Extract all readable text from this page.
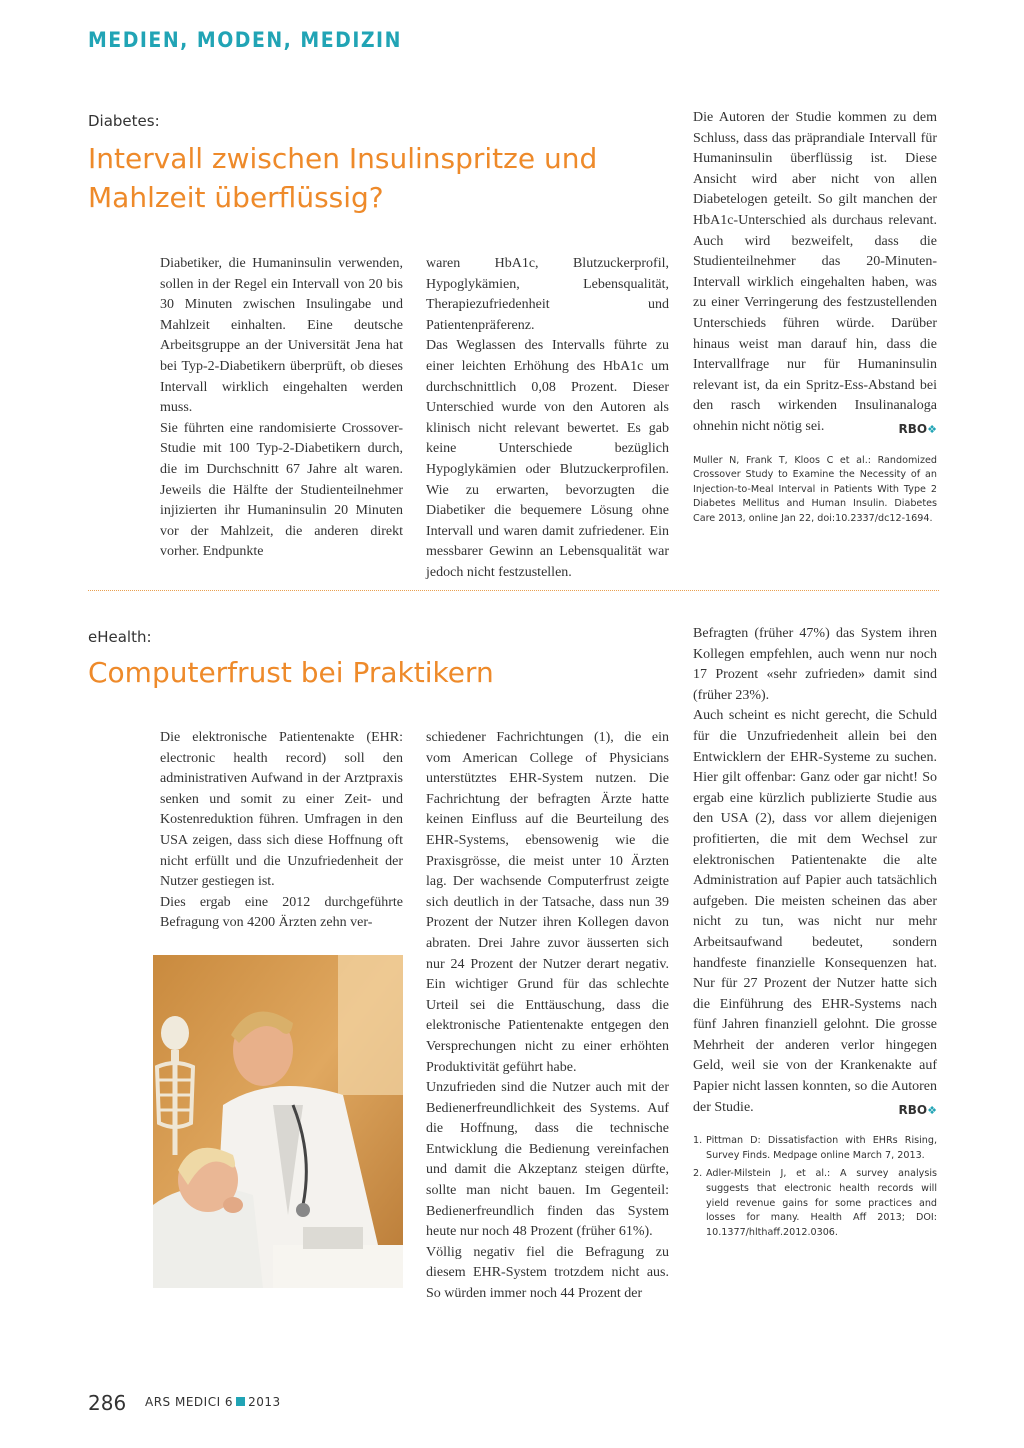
MEDIEN, MODEN, MEDIZIN
Diabetes:
Intervall zwischen Insulinspritze und
Mahlzeit überflüssig?

Diabetiker, die Humaninsulin verwenden, sollen in der Regel ein Intervall von 20 bis 30 Minuten zwischen Insulingabe und Mahlzeit einhalten. Eine deutsche Arbeitsgruppe an der Universität Jena hat bei Typ-2-Diabetikern überprüft, ob dieses Intervall wirklich eingehalten werden muss.

Sie führten eine randomisierte Crossover-Studie mit 100 Typ-2-Diabetikern durch, die im Durchschnitt 67 Jahre alt waren. Jeweils die Hälfte der Studienteilnehmer injizierten ihr Humaninsulin 20 Minuten vor der Mahlzeit, die anderen direkt vorher. Endpunkte

waren HbA1c, Blutzuckerprofil, Hypoglykämien, Lebensqualität, Therapiezufriedenheit und Patientenpräferenz.

Das Weglassen des Intervalls führte zu einer leichten Erhöhung des HbA1c um durchschnittlich 0,08 Prozent. Dieser Unterschied wurde von den Autoren als klinisch nicht relevant bewertet. Es gab keine Unterschiede bezüglich Hypoglykämien oder Blutzuckerprofilen. Wie zu erwarten, bevorzugten die Diabetiker die bequemere Lösung ohne Intervall und waren damit zufriedener. Ein messbarer Gewinn an Lebensqualität war jedoch nicht festzustellen.

Die Autoren der Studie kommen zu dem Schluss, dass das präprandiale Intervall für Humaninsulin überflüssig ist. Diese Ansicht wird aber nicht von allen Diabetelogen geteilt. So gilt manchen der HbA1c-Unterschied als durchaus relevant. Auch wird bezweifelt, dass die Studienteilnehmer das 20-Minuten-Intervall wirklich eingehalten haben, was zu einer Verringerung des festzustellenden Unterschieds führen würde. Darüber hinaus weist man darauf hin, dass die Intervallfrage nur für Humaninsulin relevant ist, da ein Spritz-Ess-Abstand bei den rasch wirkenden Insulinanaloga ohnehin nicht nötig sei.	RBO❖

Muller N, Frank T, Kloos C et al.: Randomized Crossover Study to Examine the Necessity of an Injection-to-Meal Interval in Patients With Type 2 Diabetes Mellitus and Human Insulin. Diabetes Care 2013, online Jan 22, doi:10.2337/dc12-1694.
eHealth:
Computerfrust bei Praktikern

Die elektronische Patientenakte (EHR: electronic health record) soll den administrativen Aufwand in der Arztpraxis senken und somit zu einer Zeit- und Kostenreduktion führen. Umfragen in den USA zeigen, dass sich diese Hoffnung oft nicht erfüllt und die Unzufriedenheit der Nutzer gestiegen ist.

Dies ergab eine 2012 durchgeführte Befragung von 4200 Ärzten zehn ver-

schiedener Fachrichtungen (1), die ein vom American College of Physicians unterstütztes EHR-System nutzen. Die Fachrichtung der befragten Ärzte hatte keinen Einfluss auf die Beurteilung des EHR-Systems, ebensowenig wie die Praxisgrösse, die meist unter 10 Ärzten lag. Der wachsende Computerfrust zeigte sich deutlich in der Tatsache, dass nun 39 Prozent der Nutzer ihren Kollegen davon abraten. Drei Jahre zuvor äusserten sich nur 24 Prozent der Nutzer derart negativ. Ein wichtiger Grund für das schlechte Urteil sei die Enttäuschung, dass die elektronische Patientenakte entgegen den Versprechungen nicht zu einer erhöhten Produktivität geführt habe.

Unzufrieden sind die Nutzer auch mit der Bedienerfreundlichkeit des Systems. Auf die Hoffnung, dass die technische Entwicklung die Bedienung vereinfachen und damit die Akzeptanz steigen dürfte, sollte man nicht bauen. Im Gegenteil: Bedienerfreundlich finden das System heute nur noch 48 Prozent (früher 61%).

Völlig negativ fiel die Befragung zu diesem EHR-System trotzdem nicht aus. So würden immer noch 44 Prozent der

Befragten (früher 47%) das System ihren Kollegen empfehlen, auch wenn nur noch 17 Prozent «sehr zufrieden» damit sind (früher 23%).

Auch scheint es nicht gerecht, die Schuld für die Unzufriedenheit allein bei den Entwicklern der EHR-Systeme zu suchen. Hier gilt offenbar: Ganz oder gar nicht! So ergab eine kürzlich publizierte Studie aus den USA (2), dass vor allem diejenigen profitierten, die mit dem Wechsel zur elektronischen Patientenakte die alte Administration auf Papier auch tatsächlich aufgeben. Die meisten scheinen das aber nicht zu tun, was nicht nur mehr Arbeitsaufwand bedeutet, sondern handfeste finanzielle Konsequenzen hat. Nur für 27 Prozent der Nutzer hatte sich die Einführung des EHR-Systems nach fünf Jahren finanziell gelohnt. Die grosse Mehrheit der anderen verlor hingegen Geld, weil sie von der Krankenakte auf Papier nicht lassen konnten, so die Autoren der Studie.	RBO❖

1. Pittman D: Dissatisfaction with EHRs Rising, Survey Finds. Medpage online March 7, 2013.
2. Adler-Milstein J, et al.: A survey analysis suggests that electronic health records will yield revenue gains for some practices and losses for many. Health Aff 2013; DOI: 10.1377/hlthaff.2012.0306.
286 ARS MEDICI 6 2013
